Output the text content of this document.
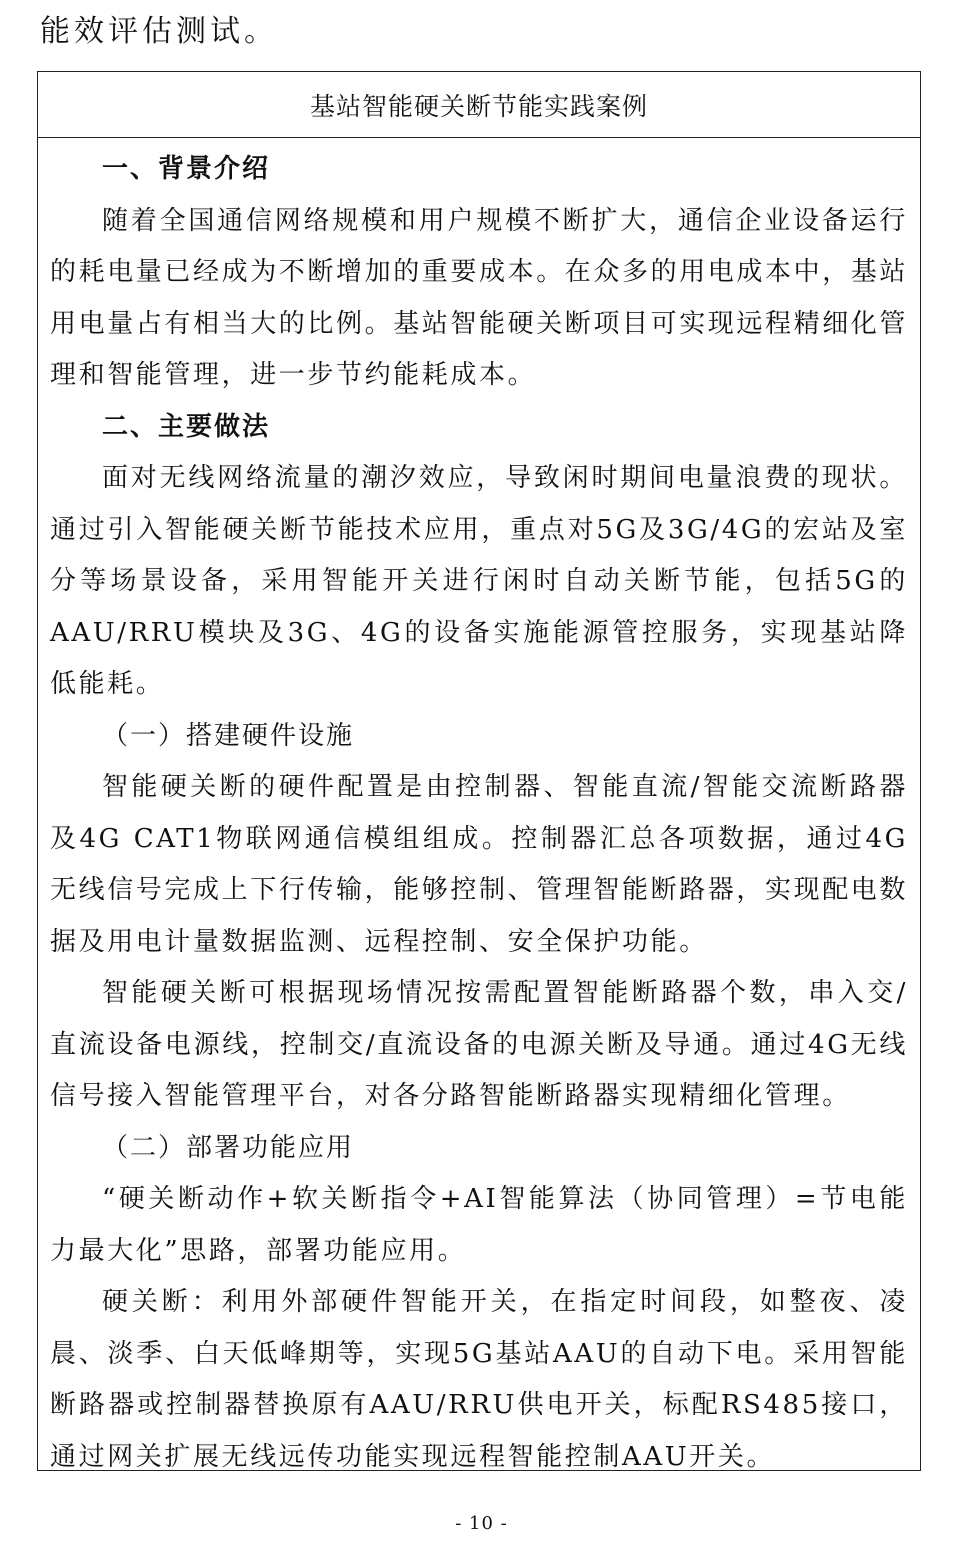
能效评估测试。
基站智能硬关断节能实践案例

一、背景介绍

随着全国通信网络规模和用户规模不断扩大，通信企业设备运行的耗电量已经成为不断增加的重要成本。在众多的用电成本中，基站用电量占有相当大的比例。基站智能硬关断项目可实现远程精细化管理和智能管理，进一步节约能耗成本。

二、主要做法

面对无线网络流量的潮汐效应，导致闲时期间电量浪费的现状。通过引入智能硬关断节能技术应用，重点对5G及3G/4G的宏站及室分等场景设备，采用智能开关进行闲时自动关断节能，包括5G的AAU/RRU模块及3G、4G的设备实施能源管控服务，实现基站降低能耗。

（一）搭建硬件设施

智能硬关断的硬件配置是由控制器、智能直流/智能交流断路器及4G CAT1物联网通信模组组成。控制器汇总各项数据，通过4G无线信号完成上下行传输，能够控制、管理智能断路器，实现配电数据及用电计量数据监测、远程控制、安全保护功能。

智能硬关断可根据现场情况按需配置智能断路器个数，串入交/直流设备电源线，控制交/直流设备的电源关断及导通。通过4G无线信号接入智能管理平台，对各分路智能断路器实现精细化管理。

（二）部署功能应用

“硬关断动作+软关断指令+AI智能算法（协同管理）=节电能力最大化”思路，部署功能应用。

硬关断：利用外部硬件智能开关，在指定时间段，如整夜、凌晨、淡季、白天低峰期等，实现5G基站AAU的自动下电。采用智能断路器或控制器替换原有AAU/RRU供电开关，标配RS485接口，通过网关扩展无线远传功能实现远程智能控制AAU开关。

- 10 -
